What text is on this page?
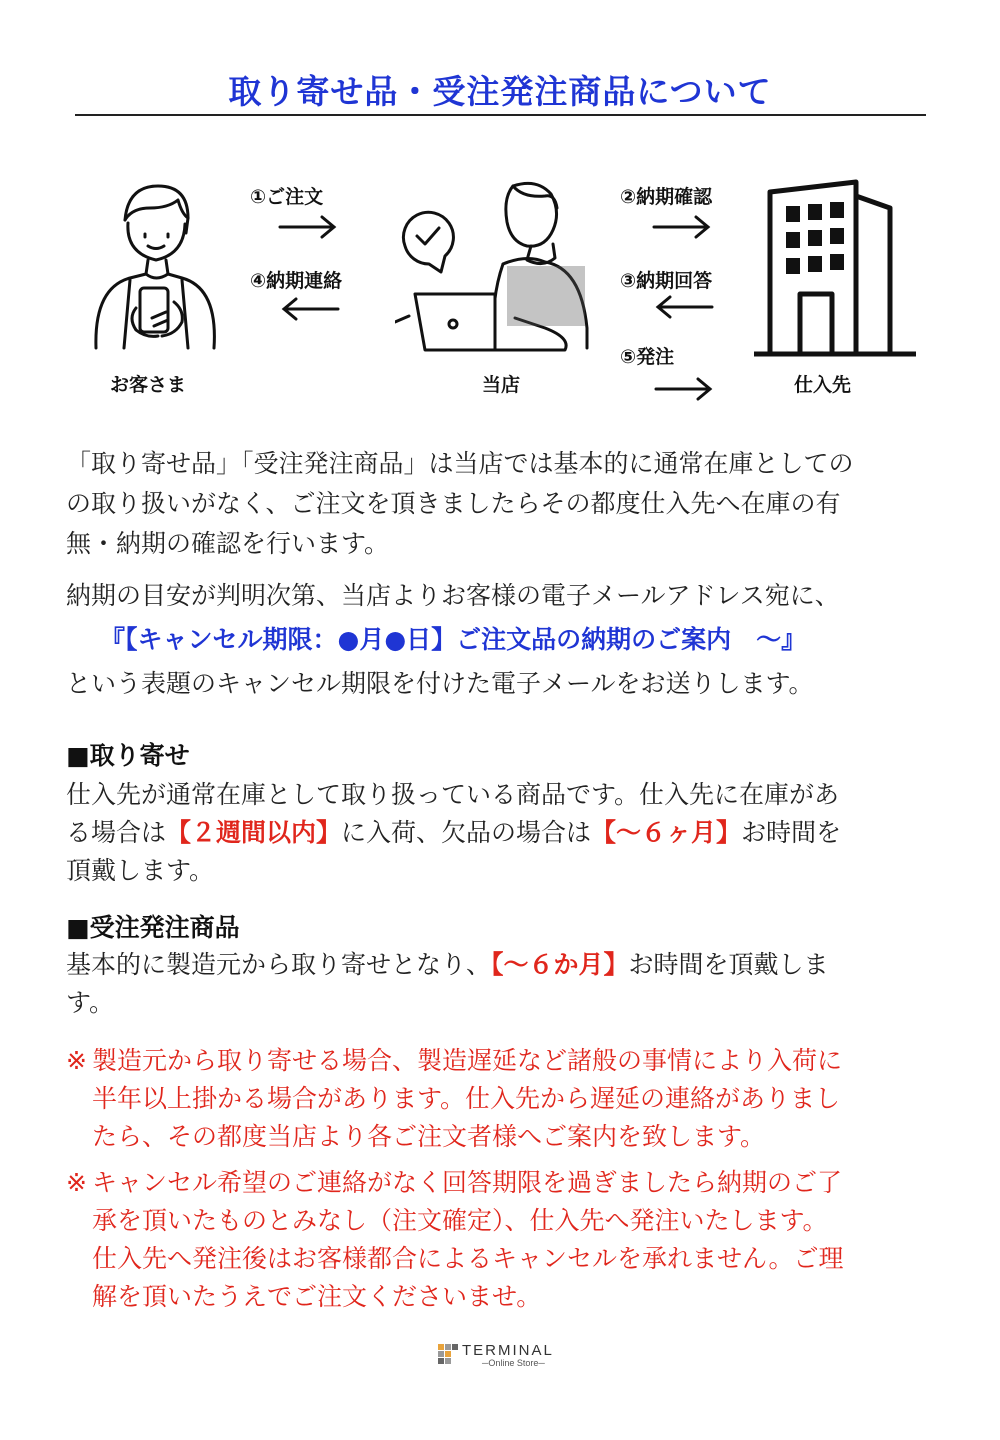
取り寄せ品・受注発注商品について
お客さま
①ご注文
④納期連絡
当店
②納期確認
③納期回答
⑤発注
仕入先
「取り寄せ品」「受注発注商品」は当店では基本的に通常在庫としての
の取り扱いがなく、ご注文を頂きましたらその都度仕入先へ在庫の有
無・納期の確認を行います。
納期の目安が判明次第、当店よりお客様の電子メールアドレス宛に、
『【キャンセル期限：●月●日】ご注文品の納期のご案内　～』
という表題のキャンセル期限を付けた電子メールをお送りします。
■取り寄せ
仕入先が通常在庫として取り扱っている商品です。仕入先に在庫があ
る場合は【２週間以内】に入荷、欠品の場合は【～６ヶ月】お時間を
頂戴します。
■受注発注商品
基本的に製造元から取り寄せとなり、【～６か月】お時間を頂戴しま
す。
※ 製造元から取り寄せる場合、製造遅延など諸般の事情により入荷に
半年以上掛かる場合があります。仕入先から遅延の連絡がありまし
たら、その都度当店より各ご注文者様へご案内を致します。
※ キャンセル希望のご連絡がなく回答期限を過ぎましたら納期のご了
承を頂いたものとみなし（注文確定）、仕入先へ発注いたします。
仕入先へ発注後はお客様都合によるキャンセルを承れません。ご理
解を頂いたうえでご注文くださいませ。
TERMINAL
─Online Store─
